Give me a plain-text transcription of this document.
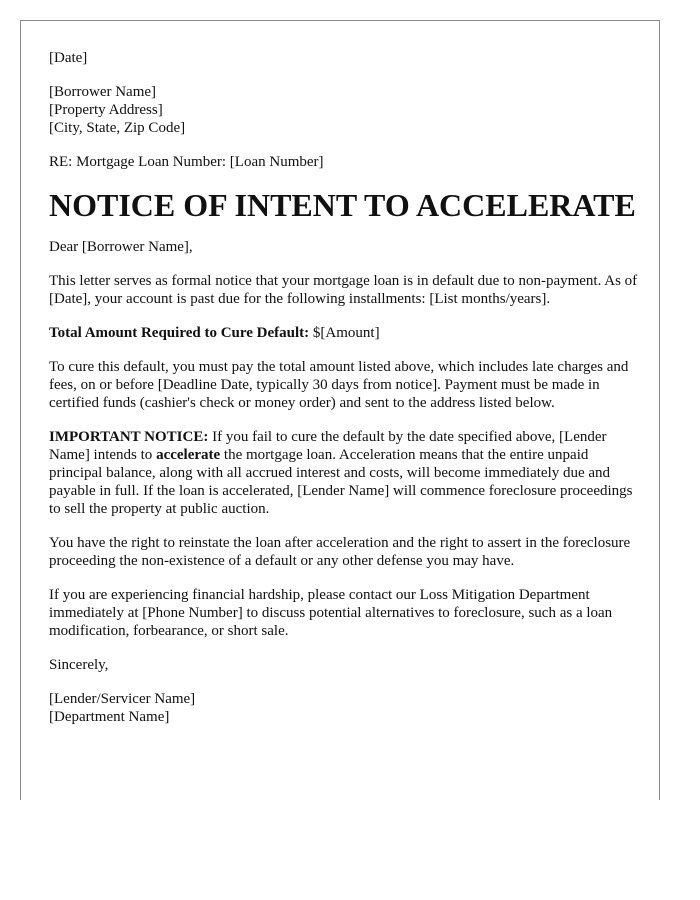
[Date]

[Borrower Name]
[Property Address]
[City, State, Zip Code]

RE: Mortgage Loan Number: [Loan Number]

NOTICE OF INTENT TO ACCELERATE

Dear [Borrower Name],

This letter serves as formal notice that your mortgage loan is in default due to non-payment. As of [Date], your account is past due for the following installments: [List months/years].

Total Amount Required to Cure Default: $[Amount]

To cure this default, you must pay the total amount listed above, which includes late charges and fees, on or before [Deadline Date, typically 30 days from notice]. Payment must be made in certified funds (cashier's check or money order) and sent to the address listed below.

IMPORTANT NOTICE: If you fail to cure the default by the date specified above, [Lender Name] intends to accelerate the mortgage loan. Acceleration means that the entire unpaid principal balance, along with all accrued interest and costs, will become immediately due and payable in full. If the loan is accelerated, [Lender Name] will commence foreclosure proceedings to sell the property at public auction.

You have the right to reinstate the loan after acceleration and the right to assert in the foreclosure proceeding the non-existence of a default or any other defense you may have.

If you are experiencing financial hardship, please contact our Loss Mitigation Department immediately at [Phone Number] to discuss potential alternatives to foreclosure, such as a loan modification, forbearance, or short sale.

Sincerely,

[Lender/Servicer Name]
[Department Name]
